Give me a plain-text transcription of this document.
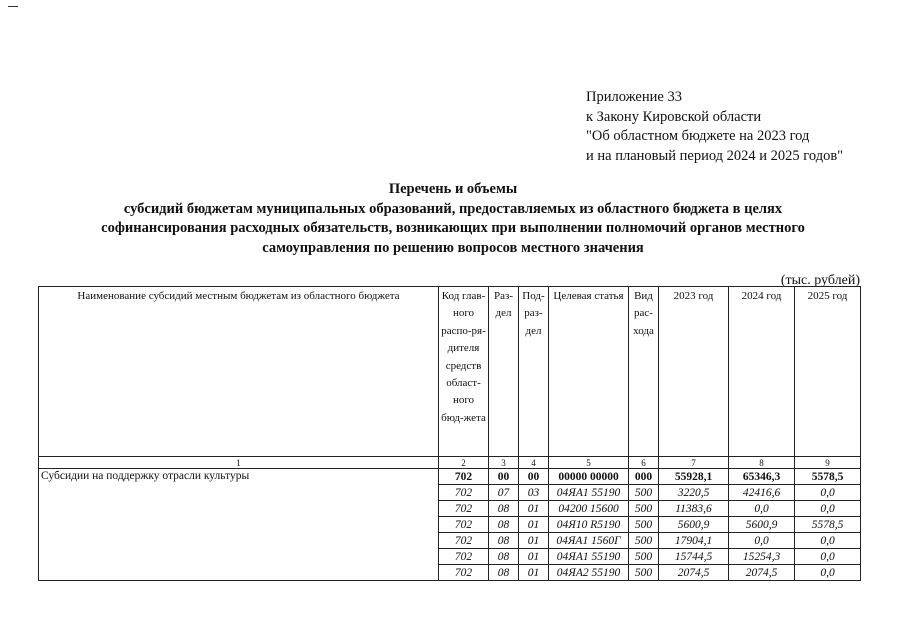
Приложение 33
к Закону Кировской области
"Об областном бюджете на 2023 год
и на плановый период 2024 и 2025 годов"
Перечень и объемы
субсидий бюджетам муниципальных образований, предоставляемых из областного бюджета в целях
софинансирования расходных обязательств, возникающих при выполнении полномочий органов местного
самоуправления по решению вопросов местного значения
(тыс. рублей)
Наименование субсидий местным бюджетам из областного бюджета	Код глав-ного распо-ря-дителя средств област-ного бюд-жета	Раз-дел	Под-раз-дел	Целевая статья	Вид рас-хода	2023 год	2024 год	2025 год
1	2	3	4	5	6	7	8	9
Субсидии на поддержку отрасли культуры	702	00	00	00000 00000	000	55928,1	65346,3	5578,5
	702	07	03	04ЯА1 55190	500	3220,5	42416,6	0,0
	702	08	01	04200 15600	500	11383,6	0,0	0,0
	702	08	01	04Я10 R5190	500	5600,9	5600,9	5578,5
	702	08	01	04ЯА1 1560Г	500	17904,1	0,0	0,0
	702	08	01	04ЯА1 55190	500	15744,5	15254,3	0,0
	702	08	01	04ЯА2 55190	500	2074,5	2074,5	0,0
